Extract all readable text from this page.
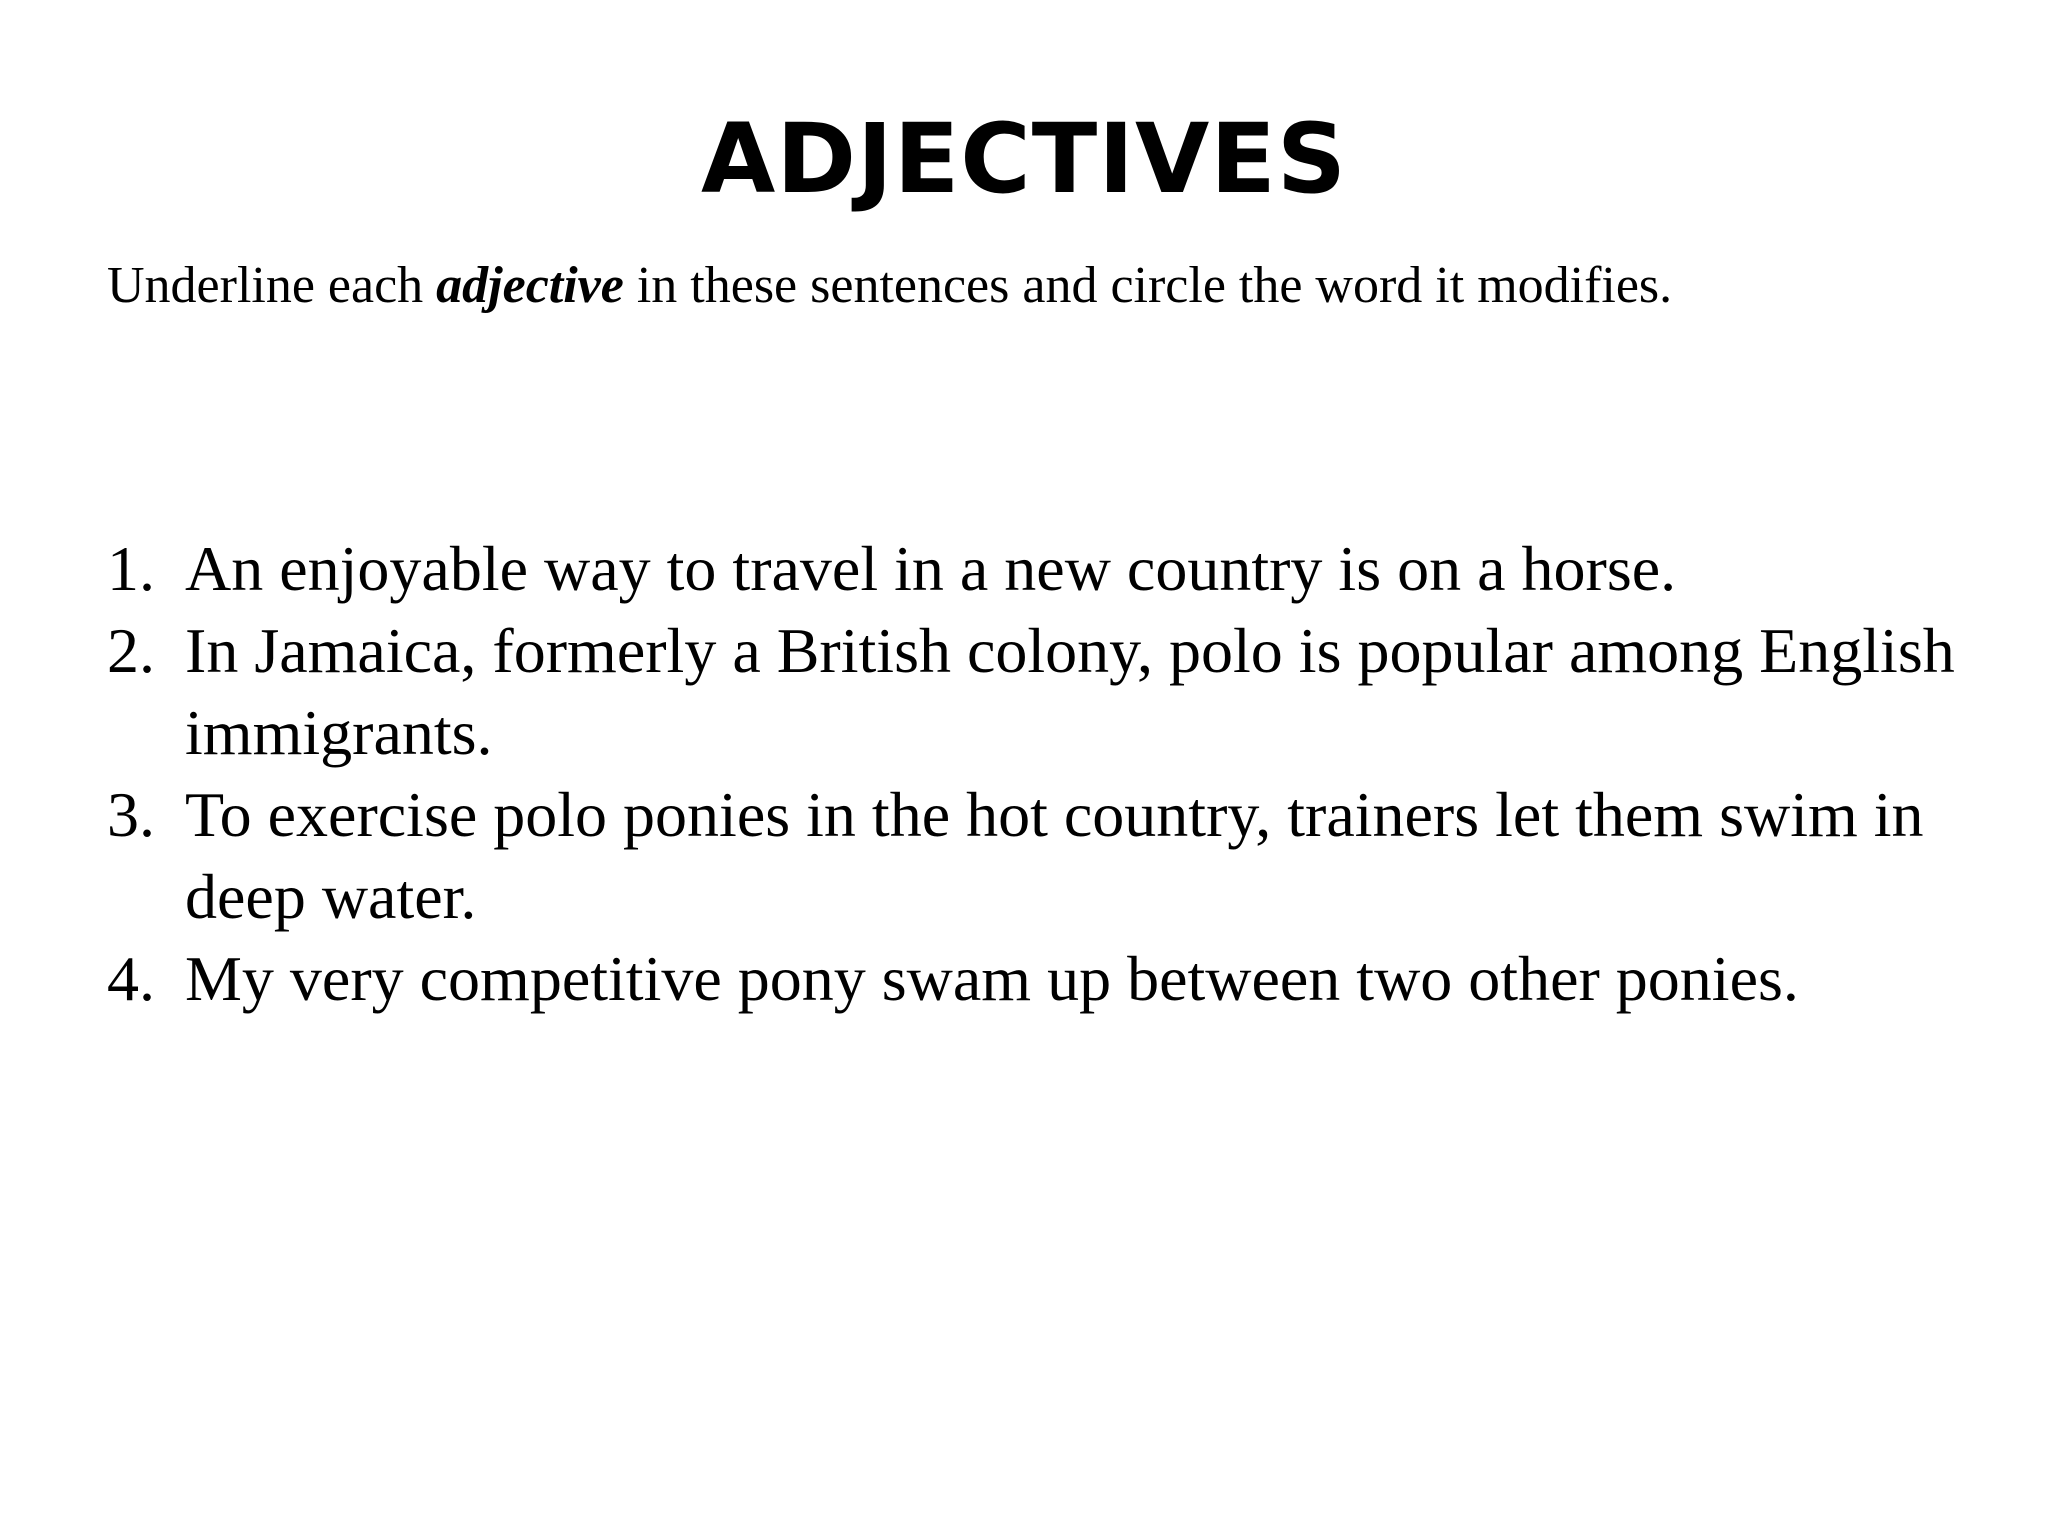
ADJECTIVES
Underline each adjective in these sentences and circle the word it modifies.
1. An enjoyable way to travel in a new country is on a horse.
2. In Jamaica, formerly a British colony, polo is popular among English immigrants.
3. To exercise polo ponies in the hot country, trainers let them swim in deep water.
4. My very competitive pony swam up between two other ponies.
